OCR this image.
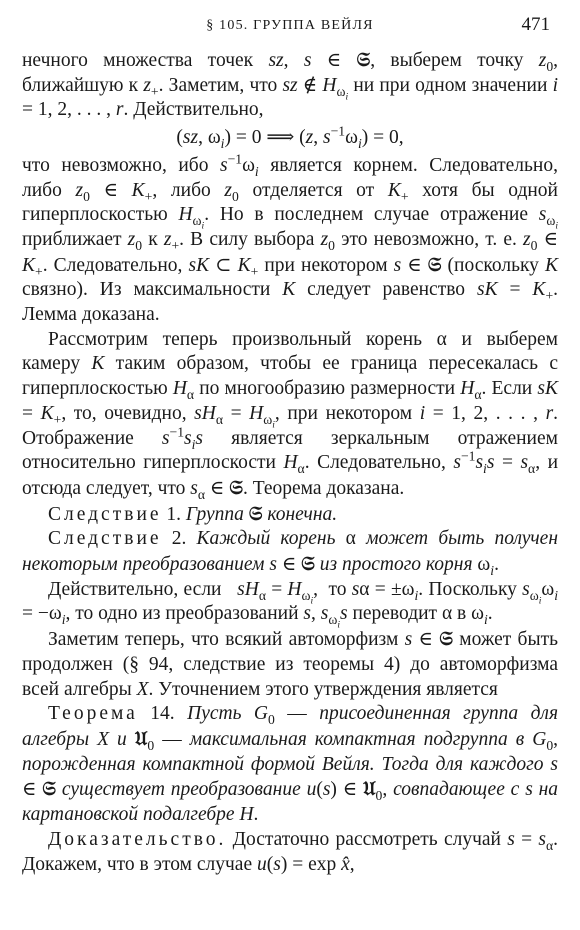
§ 105. ГРУППА ВЕЙЛЯ	471

нечного множества точек sz, s ∈ 𝔖, выберем точку $z_0$, ближайшую к $z_+$. Заметим, что sz ∉ $H_{\omega_i}$ ни при одном значении i = 1, 2, . . . , r. Действительно,

(sz, $\omega_i) = 0$ ⟹ (z, $s^{-1}\omega_i) = 0$,

что невозможно, ибо $s^{-1}\omega_i$ является корнем. Следовательно, либо $z_0$ ∈ $K_+$, либо $z_0$ отделяется от $K_+$ хотя бы одной гиперплоскостью $H_{\omega_i}$. Но в последнем случае отражение $s_{\omega_i}$ приближает $z_0$ к $z_+$. В силу выбора $z_0$ это невозможно, т. е. $z_0$ ∈ $K_+$. Следовательно, sK ⊂ $K_+$ при некотором s ∈ 𝔖 (поскольку K связно). Из максимальности K следует равенство sK = $K_+$. Лемма доказана.

Рассмотрим теперь произвольный корень α и выберем камеру K таким образом, чтобы ее граница пересекалась с гиперплоскостью $H_\alpha$ по многообразию размерности $H_\alpha$. Если sK = $K_+$, то, очевидно, $sH_\alpha = H_{\omega_i}$, при некотором i = 1, 2, . . . , r. Отображение $s^{-1}s_is$ является зеркальным отражением относительно гиперплоскости $H_\alpha$. Следовательно, $s^{-1}s_is = s_\alpha$, и отсюда следует, что $s_\alpha$ ∈ 𝔖. Теорема доказана.

Следствие 1. Группа 𝔖 конечна.

Следствие 2. Каждый корень α может быть получен некоторым преобразованием s ∈ 𝔖 из простого корня $\omega_i$.

Действительно, если   $sH_\alpha = H_{\omega_i}$,  то $s\alpha = \pm\omega_i$. Поскольку $s_{\omega_i}\omega_i = -\omega_i$, то одно из преобразований s, $s_{\omega_i}s$ переводит α в $\omega_i$.

Заметим теперь, что всякий автоморфизм s ∈ 𝔖 может быть продолжен (§ 94, следствие из теоремы 4) до автоморфизма всей алгебры X. Уточнением этого утверждения является

Теорема 14. Пусть $G_0$ — присоединенная группа для алгебры X и 𝔘$_0$ — максимальная компактная подгруппа в $G_0$, порожденная компактной формой Вейля. Тогда для каждого s ∈ 𝔖 существует преобразование u(s) ∈ 𝔘$_0$, совпадающее с s на картановской подалгебре H.

Доказательство. Достаточно рассмотреть случай $s = s_\alpha$. Докажем, что в этом случае u(s) = exp x̂,
